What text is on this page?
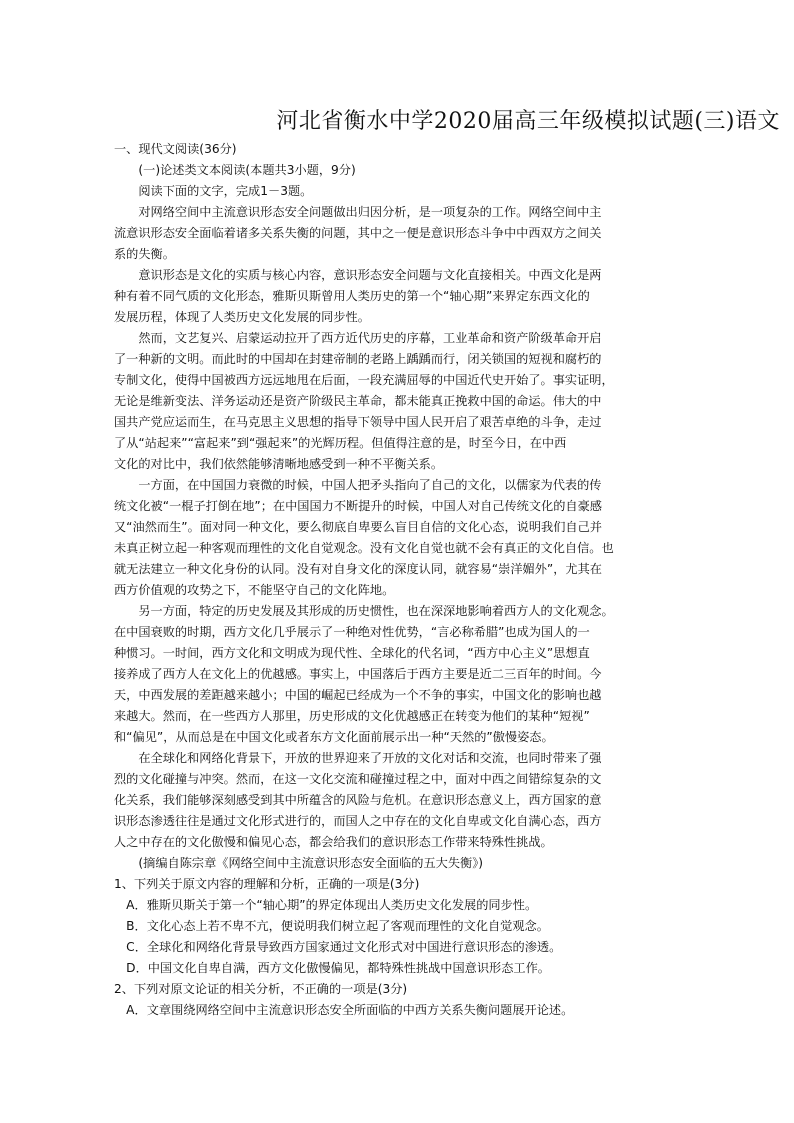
河北省衡水中学2020届高三年级模拟试题(三)语文
一、现代文阅读(36分)
　　(一)论述类文本阅读(本题共3小题，9分)
　　阅读下面的文字，完成1－3题。
　　对网络空间中主流意识形态安全问题做出归因分析，是一项复杂的工作。网络空间中主
流意识形态安全面临着诸多关系失衡的问题，其中之一便是意识形态斗争中中西双方之间关
系的失衡。
　　意识形态是文化的实质与核心内容，意识形态安全问题与文化直接相关。中西文化是两
种有着不同气质的文化形态，雅斯贝斯曾用人类历史的第一个“轴心期”来界定东西文化的
发展历程，体现了人类历史文化发展的同步性。
　　然而，文艺复兴、启蒙运动拉开了西方近代历史的序幕，工业革命和资产阶级革命开启
了一种新的文明。而此时的中国却在封建帝制的老路上踽踽而行，闭关锁国的短视和腐朽的
专制文化，使得中国被西方远远地甩在后面，一段充满屈辱的中国近代史开始了。事实证明，
无论是维新变法、洋务运动还是资产阶级民主革命，都未能真正挽救中国的命运。伟大的中
国共产党应运而生，在马克思主义思想的指导下领导中国人民开启了艰苦卓绝的斗争，走过
了从“站起来”“富起来”到“强起来”的光辉历程。但值得注意的是，时至今日，在中西
文化的对比中，我们依然能够清晰地感受到一种不平衡关系。
　　一方面，在中国国力衰微的时候，中国人把矛头指向了自己的文化，以儒家为代表的传
统文化被“一棍子打倒在地”；在中国国力不断提升的时候，中国人对自己传统文化的自豪感
又“油然而生”。面对同一种文化，要么彻底自卑要么盲目自信的文化心态，说明我们自己并
未真正树立起一种客观而理性的文化自觉观念。没有文化自觉也就不会有真正的文化自信。也
就无法建立一种文化身份的认同。没有对自身文化的深度认同，就容易“崇洋媚外”，尤其在
西方价值观的攻势之下，不能坚守自己的文化阵地。
　　另一方面，特定的历史发展及其形成的历史惯性，也在深深地影响着西方人的文化观念。
在中国衰败的时期，西方文化几乎展示了一种绝对性优势，“言必称希腊”也成为国人的一
种惯习。一时间，西方文化和文明成为现代性、全球化的代名词，“西方中心主义”思想直
接养成了西方人在文化上的优越感。事实上，中国落后于西方主要是近二三百年的时间。今
天，中西发展的差距越来越小；中国的崛起已经成为一个不争的事实，中国文化的影响也越
来越大。然而，在一些西方人那里，历史形成的文化优越感正在转变为他们的某种“短视”
和“偏见”，从而总是在中国文化或者东方文化面前展示出一种“天然的”傲慢姿态。
　　在全球化和网络化背景下，开放的世界迎来了开放的文化对话和交流，也同时带来了强
烈的文化碰撞与冲突。然而，在这一文化交流和碰撞过程之中，面对中西之间错综复杂的文
化关系，我们能够深刻感受到其中所蕴含的风险与危机。在意识形态意义上，西方国家的意
识形态渗透往往是通过文化形式进行的，而国人之中存在的文化自卑或文化自满心态，西方
人之中存在的文化傲慢和偏见心态，都会给我们的意识形态工作带来特殊性挑战。
　　(摘编自陈宗章《网络空间中主流意识形态安全面临的五大失衡》)
1、下列关于原文内容的理解和分析，正确的一项是(3分)
　A．雅斯贝斯关于第一个“轴心期”的界定体现出人类历史文化发展的同步性。
　B．文化心态上若不卑不亢，便说明我们树立起了客观而理性的文化自觉观念。
　C．全球化和网络化背景导致西方国家通过文化形式对中国进行意识形态的渗透。
　D．中国文化自卑自满，西方文化傲慢偏见，都特殊性挑战中国意识形态工作。
2、下列对原文论证的相关分析，不正确的一项是(3分)
　A．文章围绕网络空间中主流意识形态安全所面临的中西方关系失衡问题展开论述。
